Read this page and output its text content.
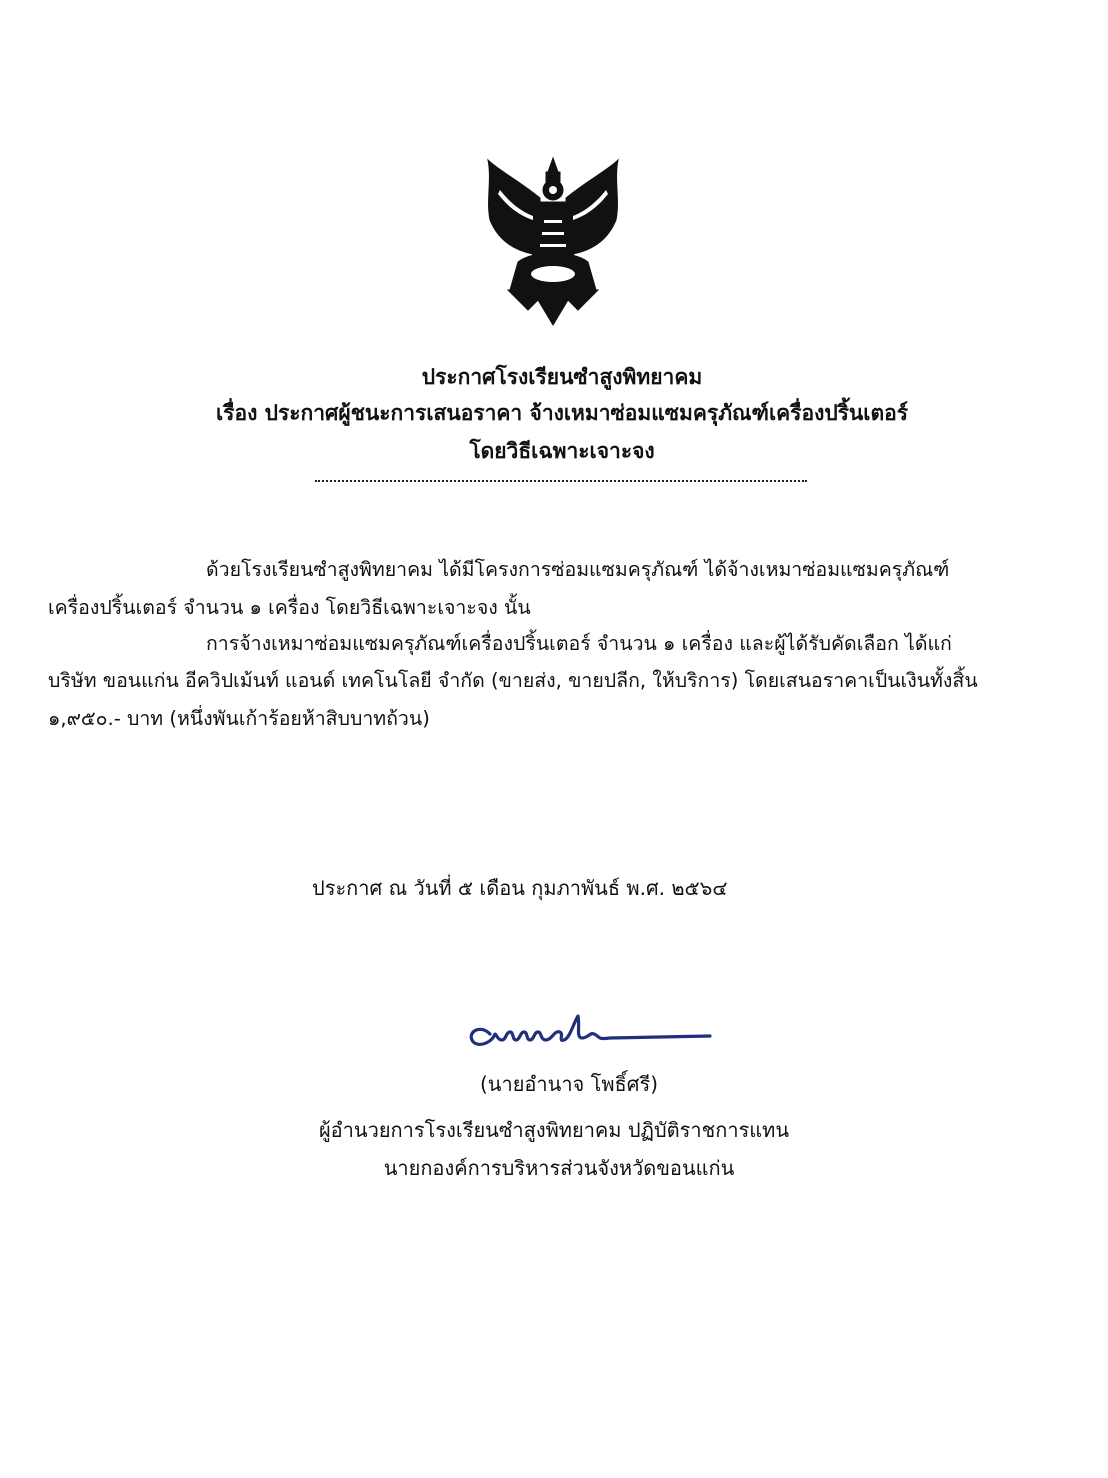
ประกาศโรงเรียนซำสูงพิทยาคม
เรื่อง ประกาศผู้ชนะการเสนอราคา จ้างเหมาซ่อมแซมครุภัณฑ์เครื่องปริ้นเตอร์
โดยวิธีเฉพาะเจาะจง
ด้วยโรงเรียนซำสูงพิทยาคม ได้มีโครงการซ่อมแซมครุภัณฑ์ ได้จ้างเหมาซ่อมแซมครุภัณฑ์
เครื่องปริ้นเตอร์ จำนวน ๑ เครื่อง โดยวิธีเฉพาะเจาะจง นั้น
การจ้างเหมาซ่อมแซมครุภัณฑ์เครื่องปริ้นเตอร์ จำนวน ๑ เครื่อง และผู้ได้รับคัดเลือก ได้แก่
บริษัท ขอนแก่น อีควิปเม้นท์ แอนด์ เทคโนโลยี จำกัด (ขายส่ง, ขายปลีก, ให้บริการ) โดยเสนอราคาเป็นเงินทั้งสิ้น
๑,๙๕๐.- บาท (หนึ่งพันเก้าร้อยห้าสิบบาทถ้วน)
ประกาศ ณ วันที่ ๕ เดือน กุมภาพันธ์ พ.ศ. ๒๕๖๔
(นายอำนาจ โพธิ์ศรี)
ผู้อำนวยการโรงเรียนซำสูงพิทยาคม ปฏิบัติราชการแทน
นายกองค์การบริหารส่วนจังหวัดขอนแก่น
